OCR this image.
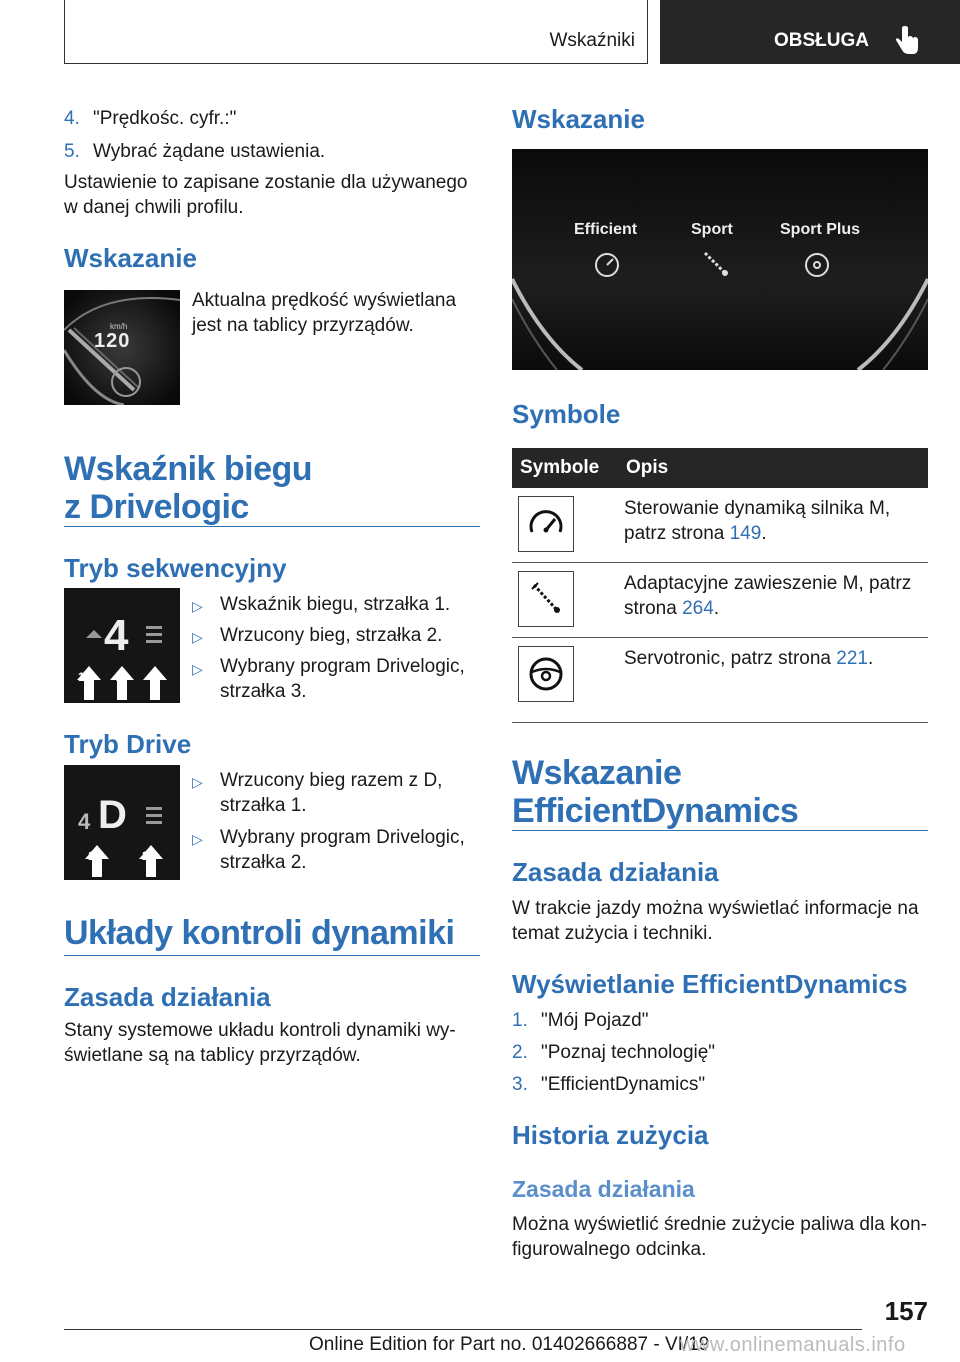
Wskaźniki	OBSŁUGA
4. "Prędkośc. cyfr.:"
5. Wybrać żądane ustawienia.
Ustawienie to zapisane zostanie dla używanego
w danej chwili profilu.
Wskazanie
km/h
120
Aktualna prędkość wyświetlana
jest na tablicy przyrządów.
Wskaźnik biegu
z Drivelogic
Tryb sekwencyjny
4
1	2 3
▷
▷
▷
Wskaźnik biegu, strzałka 1.
Wrzucony bieg, strzałka 2.
Wybrany program Drivelogic,
strzałka 3.
Tryb Drive
4 D
1	2
▷
▷
Wrzucony bieg razem z D,
strzałka 1.
Wybrany program Drivelogic,
strzałka 2.
Układy kontroli dynamiki
Zasada działania
Stany systemowe układu kontroli dynamiki wy-
świetlane są na tablicy przyrządów.
Wskazanie
Efficient	Sport	Sport Plus
Symbole
Symbole	Opis

Sterowanie dynamiką silnika M,
patrz strona 149.

Adaptacyjne zawieszenie M, patrz
strona 264.

Servotronic, patrz strona 221.
Wskazanie
EfficientDynamics
Zasada działania
W trakcie jazdy można wyświetlać informacje na
temat zużycia i techniki.
Wyświetlanie EfficientDynamics
1. "Mój Pojazd"
2. "Poznaj technologię"
3. "EfficientDynamics"
Historia zużycia
Zasada działania
Można wyświetlić średnie zużycie paliwa dla kon-
figurowalnego odcinka.
157
Online Edition for Part no. 01402666887 - VI/19
www.onlinemanuals.info
